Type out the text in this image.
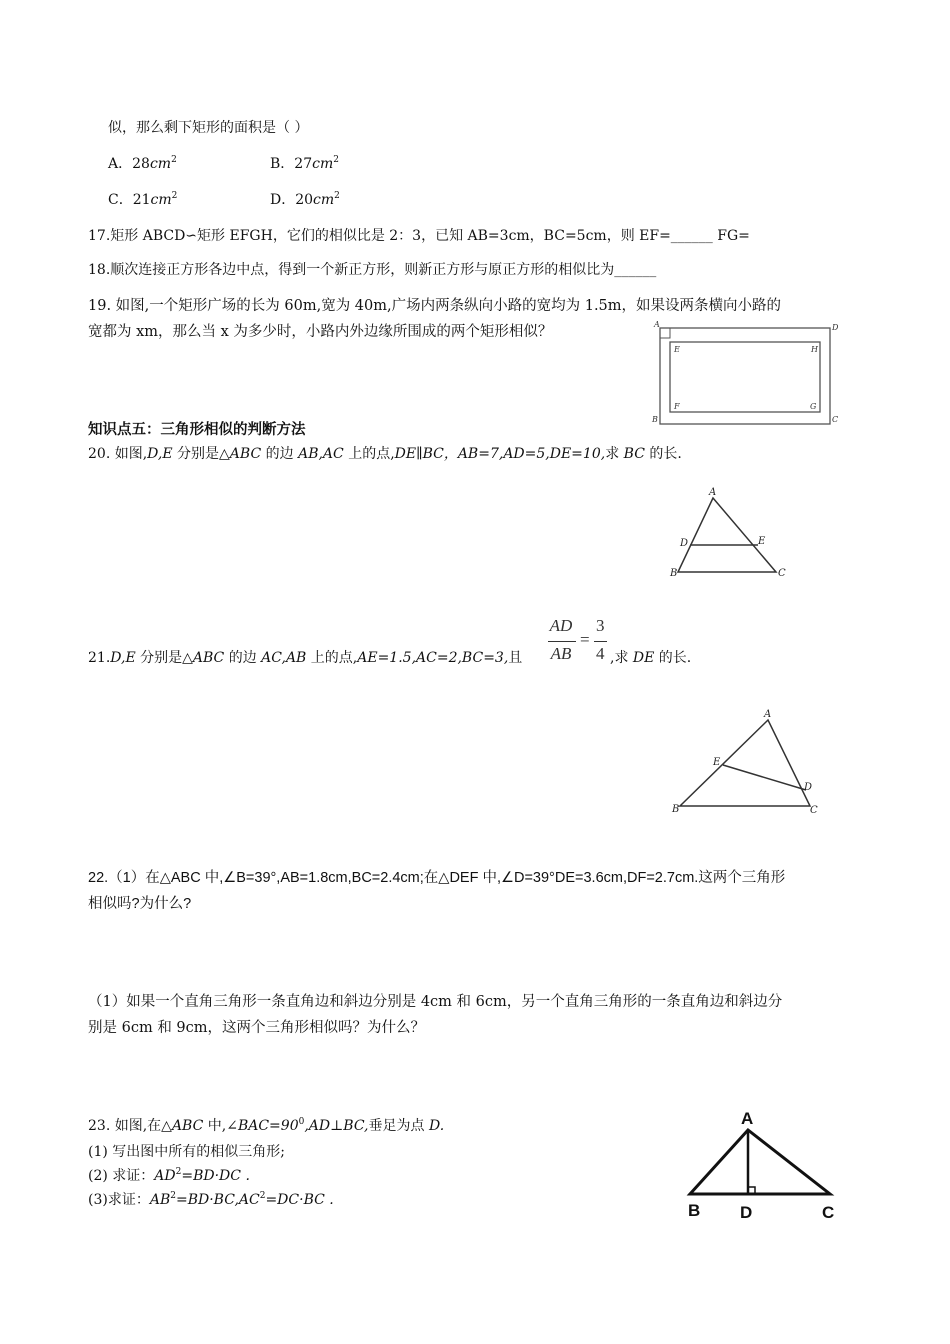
似，那么剩下矩形的面积是（ ）
A．$28cm^2$	B．$27cm^2$
C．$21cm^2$	D．$20cm^2$
17.矩形 ABCD∽矩形 EFGH，它们的相似比是 2：3，已知 AB=3cm，BC=5cm，则 EF=______ FG=
18.顺次连接正方形各边中点，得到一个新正方形，则新正方形与原正方形的相似比为______
19. 如图,一个矩形广场的长为 60m,宽为 40m,广场内两条纵向小路的宽均为 1.5m，如果设两条横向小路的
宽都为 xm，那么当 x 为多少时，小路内外边缘所围成的两个矩形相似？	A	D
E	H
F	G
B	C
知识点五：三角形相似的判断方法
20. 如图,D,E 分别是△ABC 的边 AB,AC 上的点,DE∥BC，AB=7,AD=5,DE=10,求 BC 的长.
A
D	E
B	C
21.D,E 分别是△ABC 的边 AC,AB 上的点,AE=1.5,AC=2,BC=3,且
AD
AB
=
3
4 ,求 DE 的长.
A
E
D
B	C
22.（1）在△ABC 中,∠B=39°,AB=1.8cm,BC=2.4cm;在△DEF 中,∠D=39°DE=3.6cm,DF=2.7cm.这两个三角形
相似吗?为什么?
（1）如果一个直角三角形一条直角边和斜边分别是 4cm 和 6cm，另一个直角三角形的一条直角边和斜边分
别是 6cm 和 9cm，这两个三角形相似吗？为什么？
23. 如图,在△ABC 中$,\angle BAC=90^0,AD\perp BC$,垂足为点 D.
(1) 写出图中所有的相似三角形;
(2) 求证：$AD^2=BD\cdot DC$ .
(3)求证：$AB^2=BD\cdot BC,AC^2=DC\cdot BC$ .
A
B D	C
